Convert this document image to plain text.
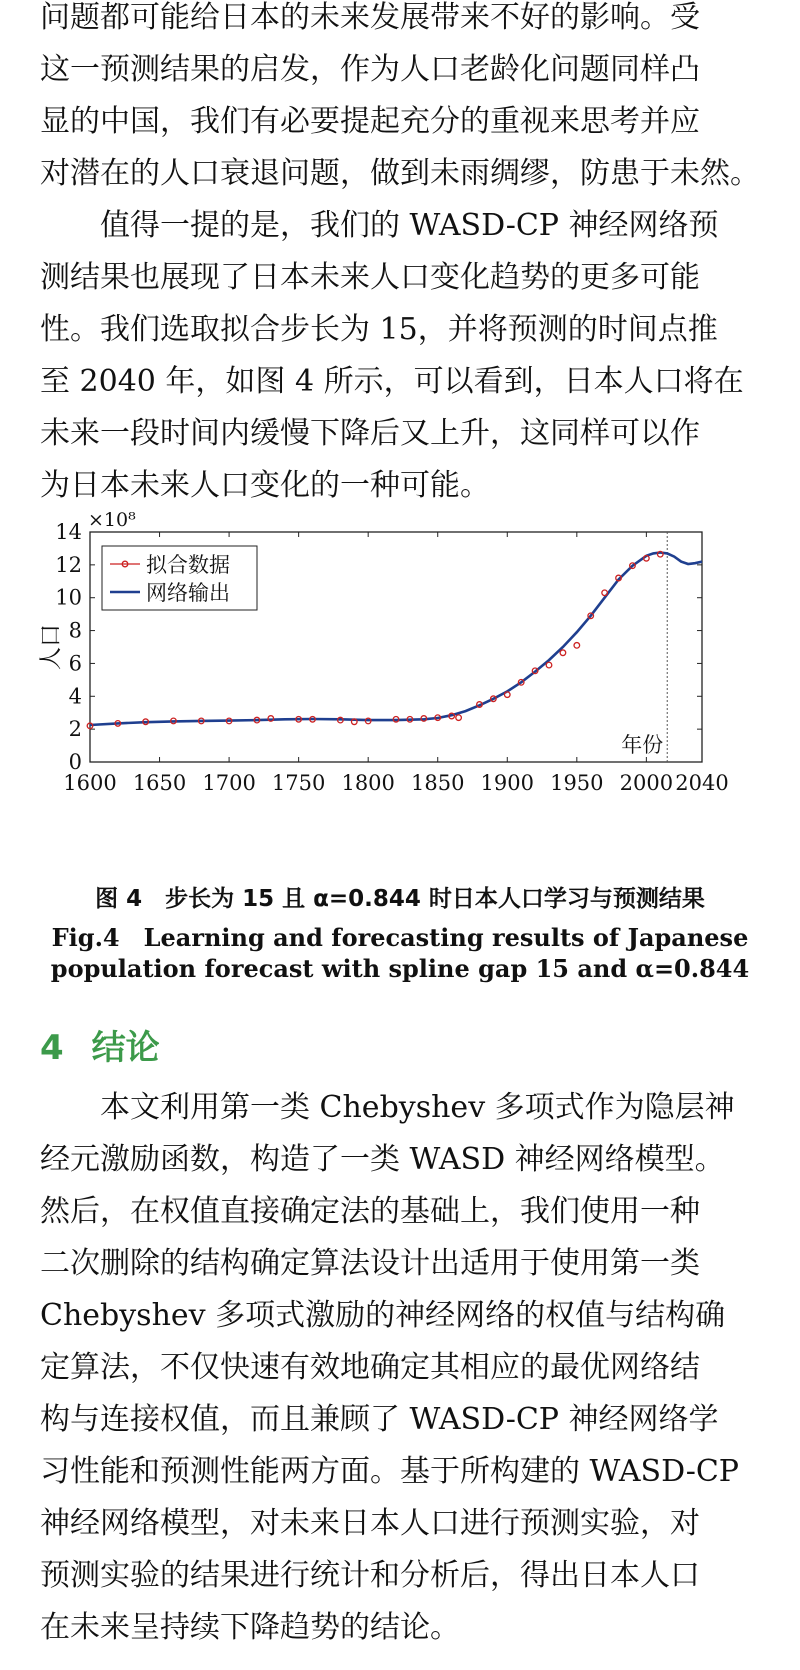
问题都可能给日本的未来发展带来不好的影响。受
这一预测结果的启发，作为人口老龄化问题同样凸
显的中国，我们有必要提起充分的重视来思考并应
对潜在的人口衰退问题，做到未雨绸缪，防患于未然。
　　值得一提的是，我们的 WASD-CP 神经网络预
测结果也展现了日本未来人口变化趋势的更多可能
性。我们选取拟合步长为 15，并将预测的时间点推
至 2040 年，如图 4 所示，可以看到，日本人口将在
未来一段时间内缓慢下降后又上升，这同样可以作
为日本未来人口变化的一种可能。
1600 1650 1700 1750 1800 1850 1900 1950 2000 2040
0
2
4
6
8
10
12
14 ×10⁸
人口
年份
拟合数据
网络输出
图 4　步长为 15 且 α=0.844 时日本人口学习与预测结果
Fig.4　Learning and forecasting results of Japanese
population forecast with spline gap 15 and α=0.844
4 结论
　　本文利用第一类 Chebyshev 多项式作为隐层神
经元激励函数，构造了一类 WASD 神经网络模型。
然后，在权值直接确定法的基础上，我们使用一种
二次删除的结构确定算法设计出适用于使用第一类
Chebyshev 多项式激励的神经网络的权值与结构确
定算法，不仅快速有效地确定其相应的最优网络结
构与连接权值，而且兼顾了 WASD-CP 神经网络学
习性能和预测性能两方面。基于所构建的 WASD-CP
神经网络模型，对未来日本人口进行预测实验，对
预测实验的结果进行统计和分析后，得出日本人口
在未来呈持续下降趋势的结论。
